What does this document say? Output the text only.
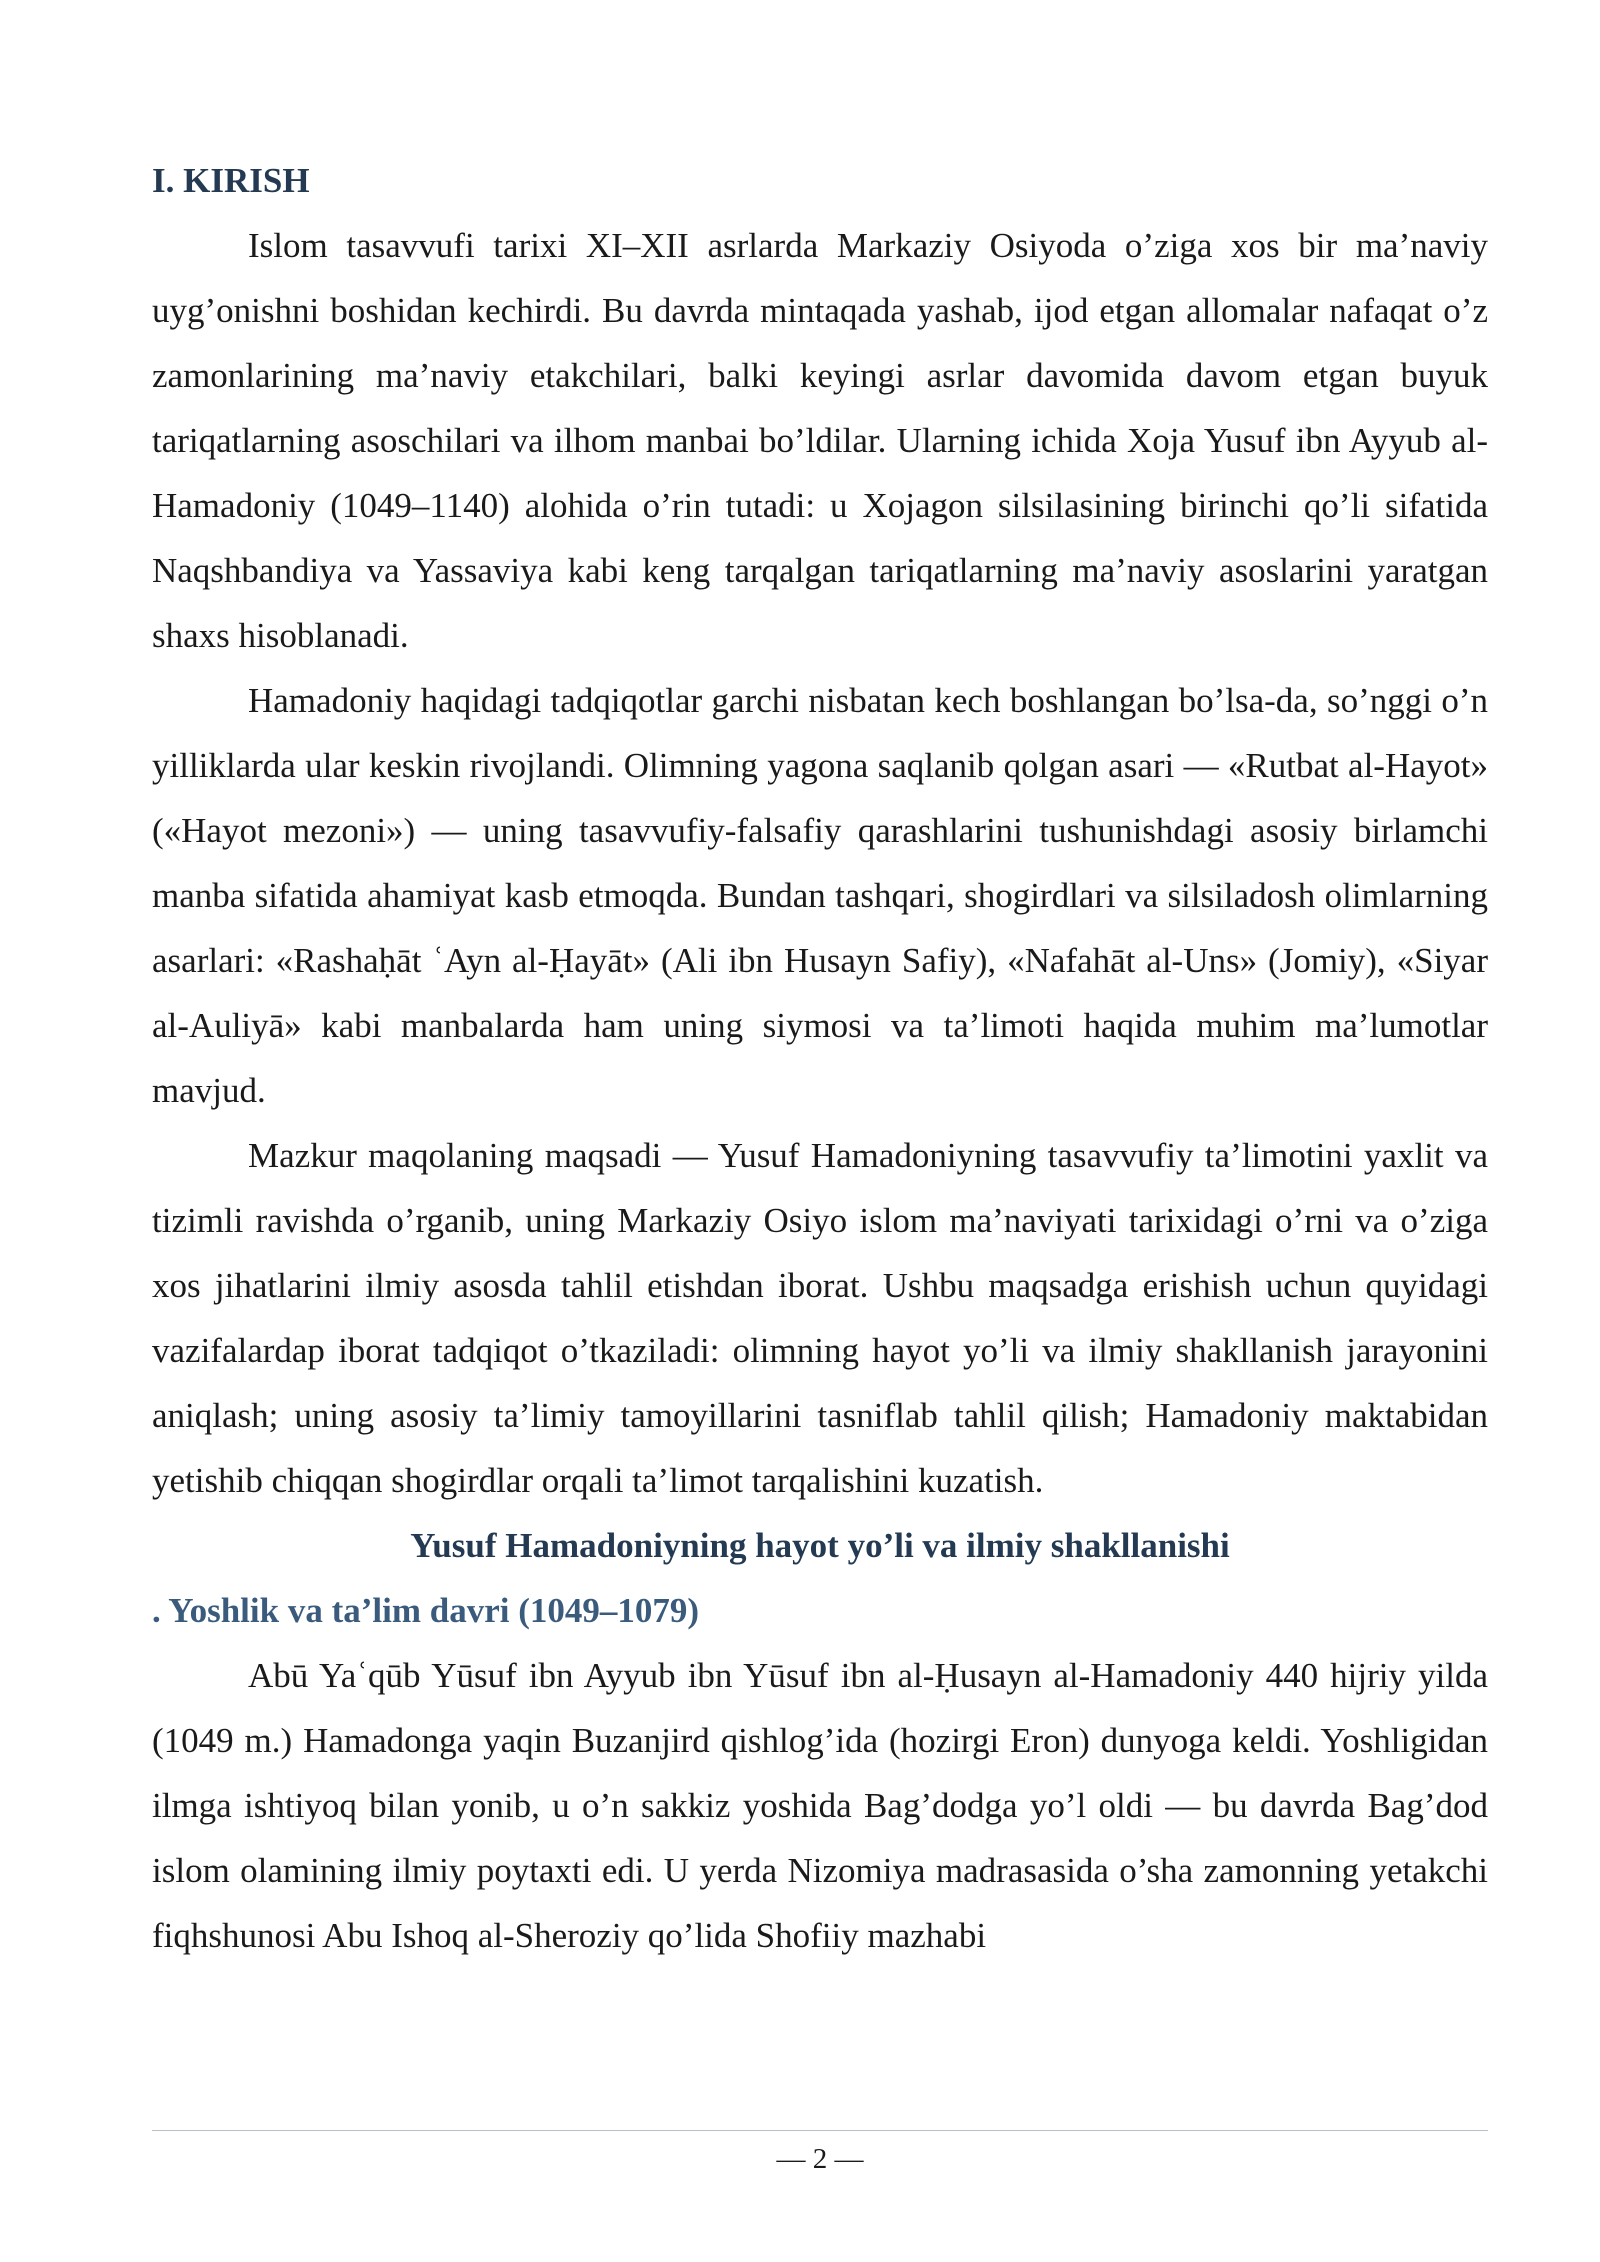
I. KIRISH

Islom tasavvufi tarixi XI–XII asrlarda Markaziy Osiyoda o’ziga xos bir ma’naviy uyg’onishni boshidan kechirdi. Bu davrda mintaqada yashab, ijod etgan allomalar nafaqat o’z zamonlarining ma’naviy etakchilari, balki keyingi asrlar davomida davom etgan buyuk tariqatlarning asoschilari va ilhom manbai bo’ldilar. Ularning ichida Xoja Yusuf ibn Ayyub al-Hamadoniy (1049–1140) alohida o’rin tutadi: u Xojagon silsilasining birinchi qo’li sifatida Naqshbandiya va Yassaviya kabi keng tarqalgan tariqatlarning ma’naviy asoslarini yaratgan shaxs hisoblanadi.

Hamadoniy haqidagi tadqiqotlar garchi nisbatan kech boshlangan bo’lsa-da, so’nggi o’n yilliklarda ular keskin rivojlandi. Olimning yagona saqlanib qolgan asari — «Rutbat al-Hayot» («Hayot mezoni») — uning tasavvufiy-falsafiy qarashlarini tushunishdagi asosiy birlamchi manba sifatida ahamiyat kasb etmoqda. Bundan tashqari, shogirdlari va silsiladosh olimlarning asarlari: «Rashaḥāt ʿAyn al-Ḥayāt» (Ali ibn Husayn Safiy), «Nafahāt al-Uns» (Jomiy), «Siyar al-Auliyā» kabi manbalarda ham uning siymosi va ta’limoti haqida muhim ma’lumotlar mavjud.

Mazkur maqolaning maqsadi — Yusuf Hamadoniyning tasavvufiy ta’limotini yaxlit va tizimli ravishda o’rganib, uning Markaziy Osiyo islom ma’naviyati tarixidagi o’rni va o’ziga xos jihatlarini ilmiy asosda tahlil etishdan iborat. Ushbu maqsadga erishish uchun quyidagi vazifalardap iborat tadqiqot o’tkaziladi: olimning hayot yo’li va ilmiy shakllanish jarayonini aniqlash; uning asosiy ta’limiy tamoyillarini tasniflab tahlil qilish; Hamadoniy maktabidan yetishib chiqqan shogirdlar orqali ta’limot tarqalishini kuzatish.

Yusuf Hamadoniyning hayot yo’li va ilmiy shakllanishi
. Yoshlik va ta’lim davri (1049–1079)

Abū Yaʿqūb Yūsuf ibn Ayyub ibn Yūsuf ibn al-Ḥusayn al-Hamadoniy 440 hijriy yilda (1049 m.) Hamadonga yaqin Buzanjird qishlog’ida (hozirgi Eron) dunyoga keldi. Yoshligidan ilmga ishtiyoq bilan yonib, u o’n sakkiz yoshida Bag’dodga yo’l oldi — bu davrda Bag’dod islom olamining ilmiy poytaxti edi. U yerda Nizomiya madrasasida o’sha zamonning yetakchi fiqhshunosi Abu Ishoq al-Sheroziy qo’lida Shofiiy mazhabi

— 2 —
